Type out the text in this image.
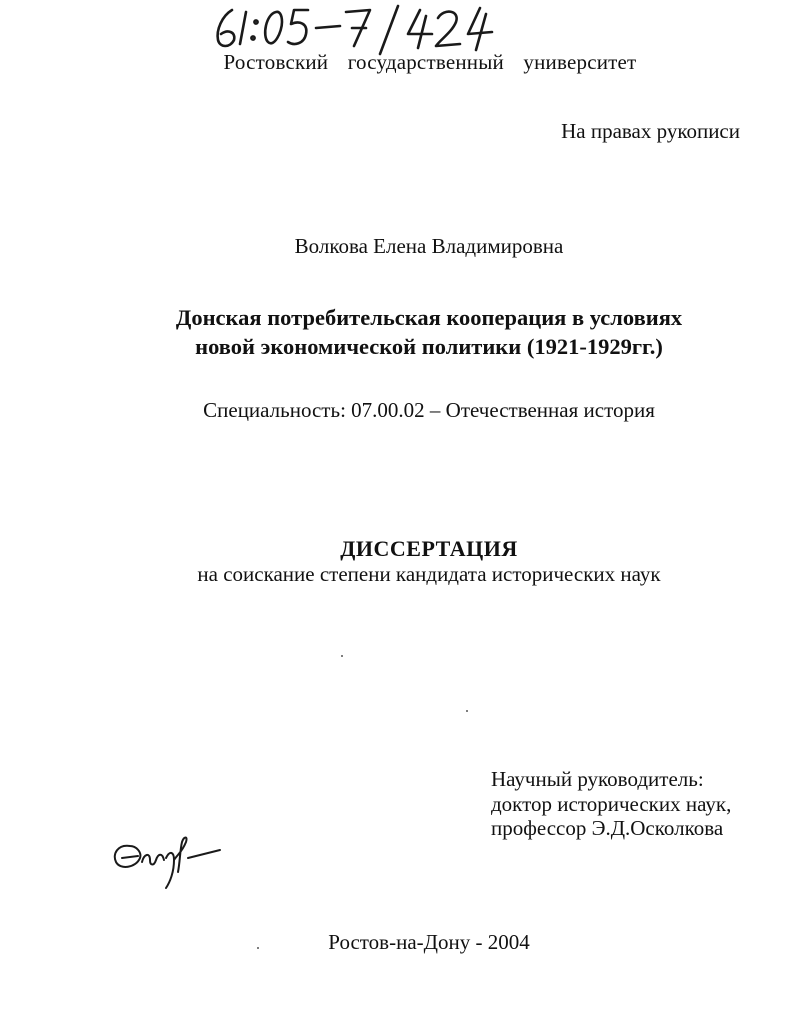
Ростовский государственный университет
На правах рукописи
Волкова Елена Владимировна
Донская потребительская кооперация в условиях
новой экономической политики (1921-1929гг.)
Специальность: 07.00.02 – Отечественная история
ДИССЕРТАЦИЯ
на соискание степени кандидата исторических наук
Научный руководитель:
доктор исторических наук,
профессор Э.Д.Осколкова
Ростов-на-Дону - 2004
